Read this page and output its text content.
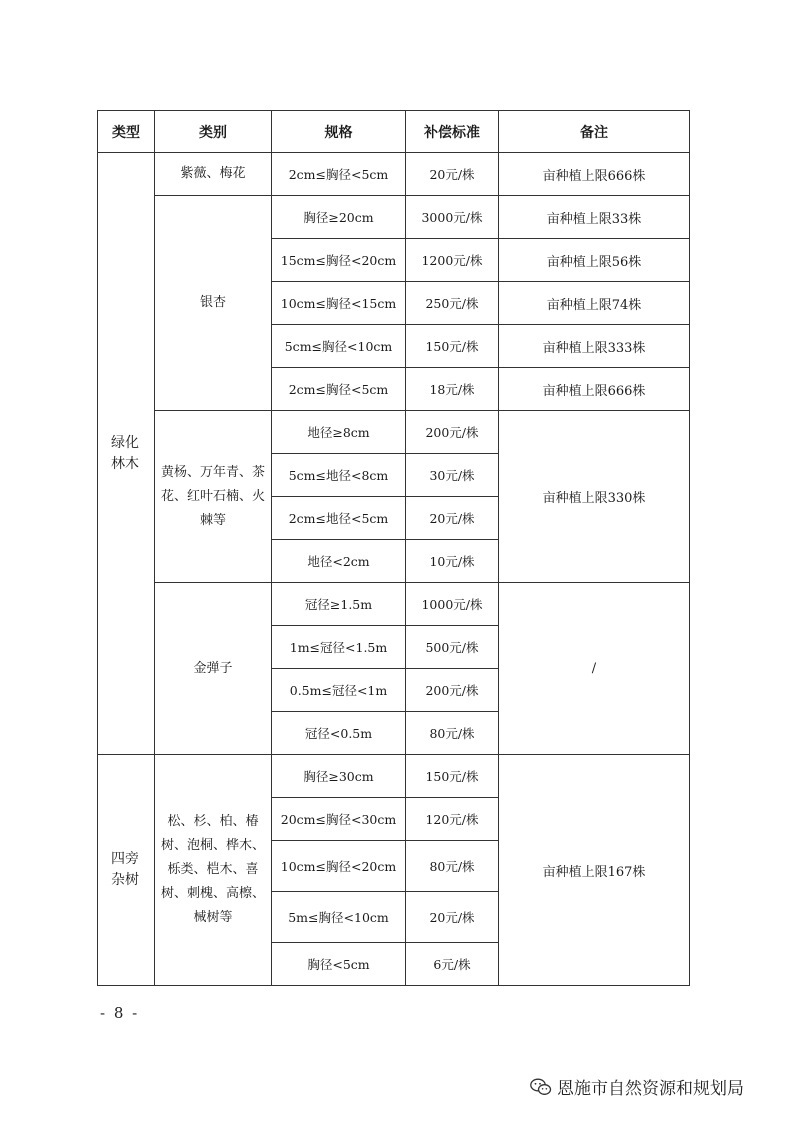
类型	类别	规格	补偿标准	备注
绿化
林木	紫薇、梅花	2cm≤胸径<5cm	20元/株	亩种植上限666株
	银杏	胸径≥20cm	3000元/株	亩种植上限33株
		15cm≤胸径<20cm	1200元/株	亩种植上限56株
		10cm≤胸径<15cm	250元/株	亩种植上限74株
		5cm≤胸径<10cm	150元/株	亩种植上限333株
		2cm≤胸径<5cm	18元/株	亩种植上限666株
	黄杨、万年青、茶花、红叶石楠、火棘等	地径≥8cm	200元/株	亩种植上限330株
		5cm≤地径<8cm	30元/株	
		2cm≤地径<5cm	20元/株	
		地径<2cm	10元/株	
	金弹子	冠径≥1.5m	1000元/株	/
		1m≤冠径<1.5m	500元/株	
		0.5m≤冠径<1m	200元/株	
		冠径<0.5m	80元/株	
四旁
杂树	松、杉、柏、椿树、泡桐、桦木、栎类、桤木、喜树、刺槐、高檫、械树等	胸径≥30cm	150元/株	亩种植上限167株
		20cm≤胸径<30cm	120元/株	
		10cm≤胸径<20cm	80元/株	
		5m≤胸径<10cm	20元/株	
		胸径<5cm	6元/株	
- 8 -
恩施市自然资源和规划局
